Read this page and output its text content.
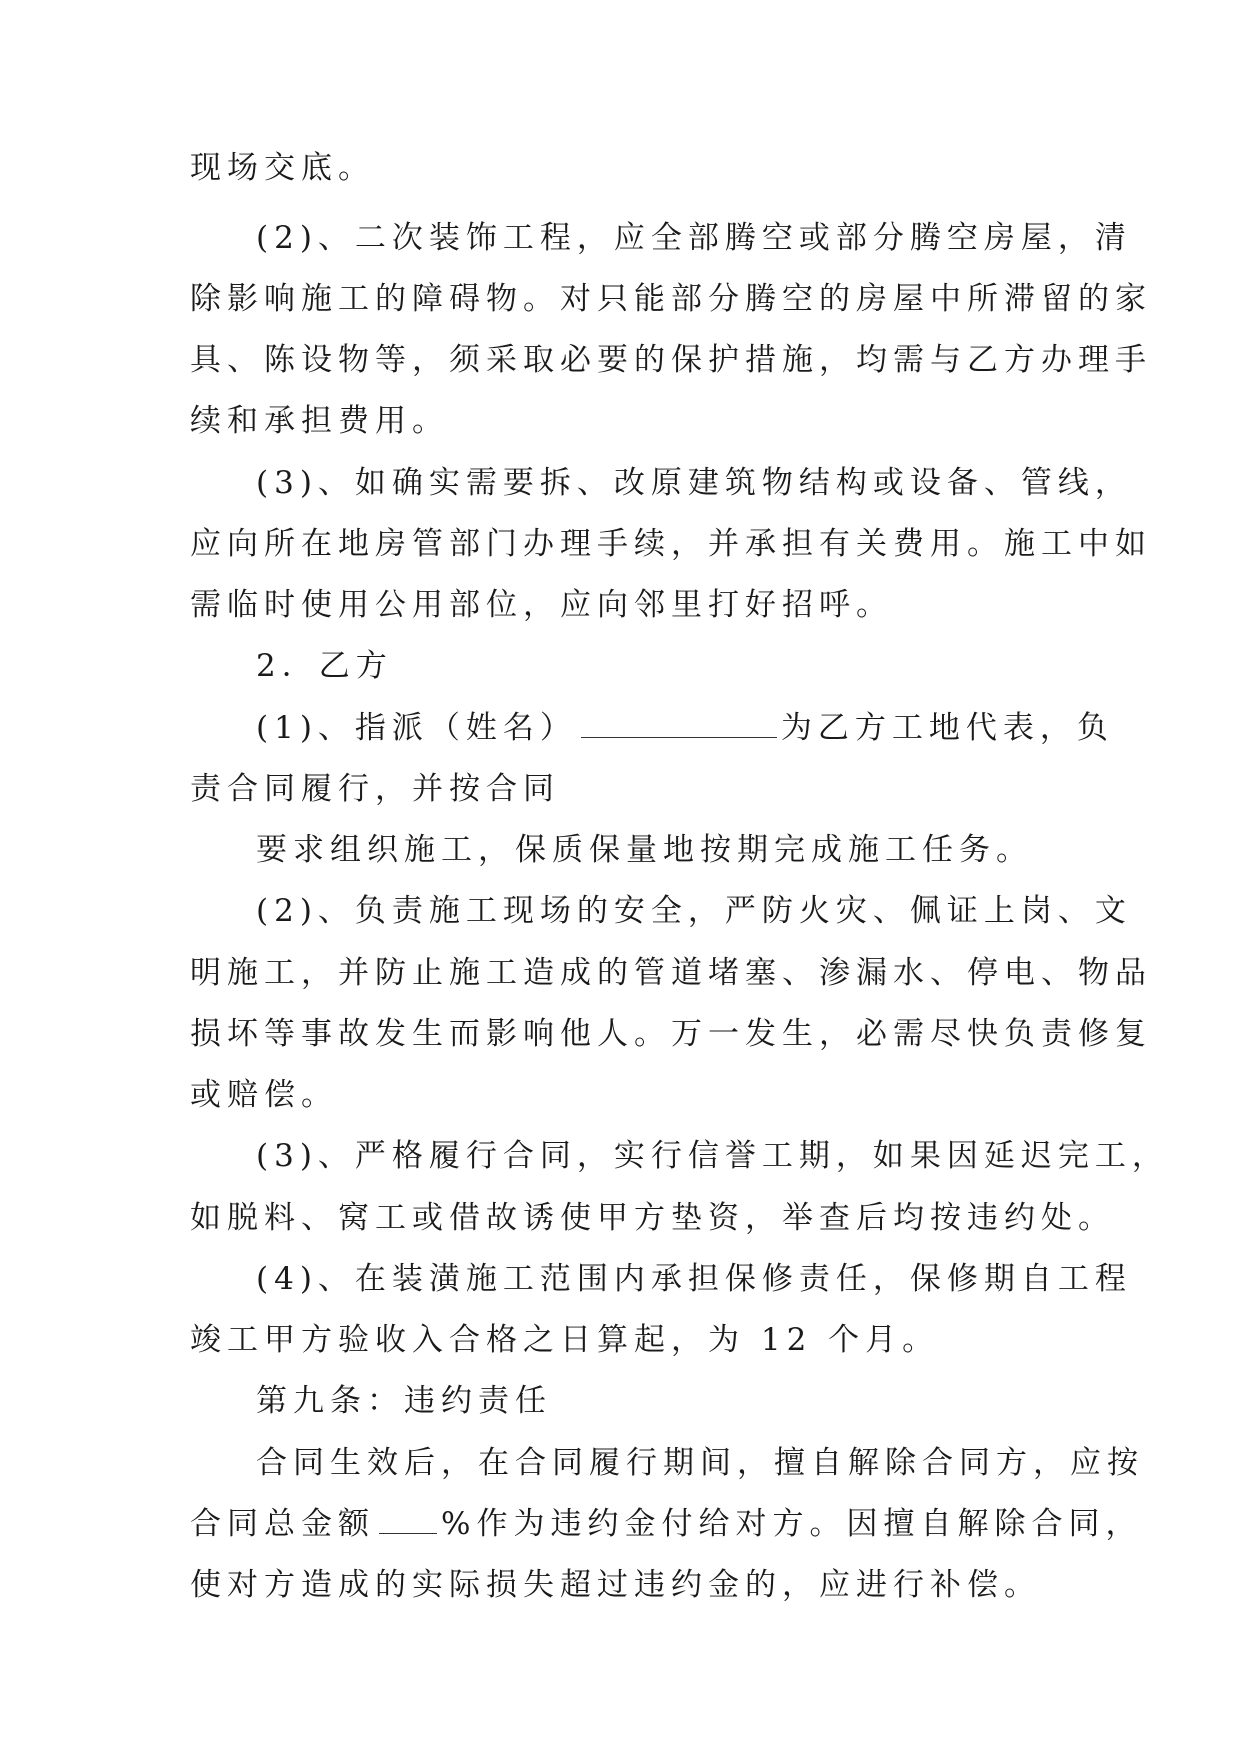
现场交底。
(2)、二次装饰工程，应全部腾空或部分腾空房屋，清
除影响施工的障碍物。对只能部分腾空的房屋中所滞留的家
具、陈设物等，须采取必要的保护措施，均需与乙方办理手
续和承担费用。
(3)、如确实需要拆、改原建筑物结构或设备、管线，
应向所在地房管部门办理手续，并承担有关费用。施工中如
需临时使用公用部位，应向邻里打好招呼。
2．乙方
(1)、指派（姓名）	为乙方工地代表，负
责合同履行，并按合同
要求组织施工，保质保量地按期完成施工任务。
(2)、负责施工现场的安全，严防火灾、佩证上岗、文
明施工，并防止施工造成的管道堵塞、渗漏水、停电、物品
损坏等事故发生而影响他人。万一发生，必需尽快负责修复
或赔偿。
(3)、严格履行合同，实行信誉工期，如果因延迟完工，
如脱料、窝工或借故诱使甲方垫资，举查后均按违约处。
(4)、在装潢施工范围内承担保修责任，保修期自工程
竣工甲方验收入合格之日算起，为 12 个月。
第九条：违约责任
合同生效后，在合同履行期间，擅自解除合同方，应按
合同总金额 %作为违约金付给对方。因擅自解除合同，
使对方造成的实际损失超过违约金的，应进行补偿。
